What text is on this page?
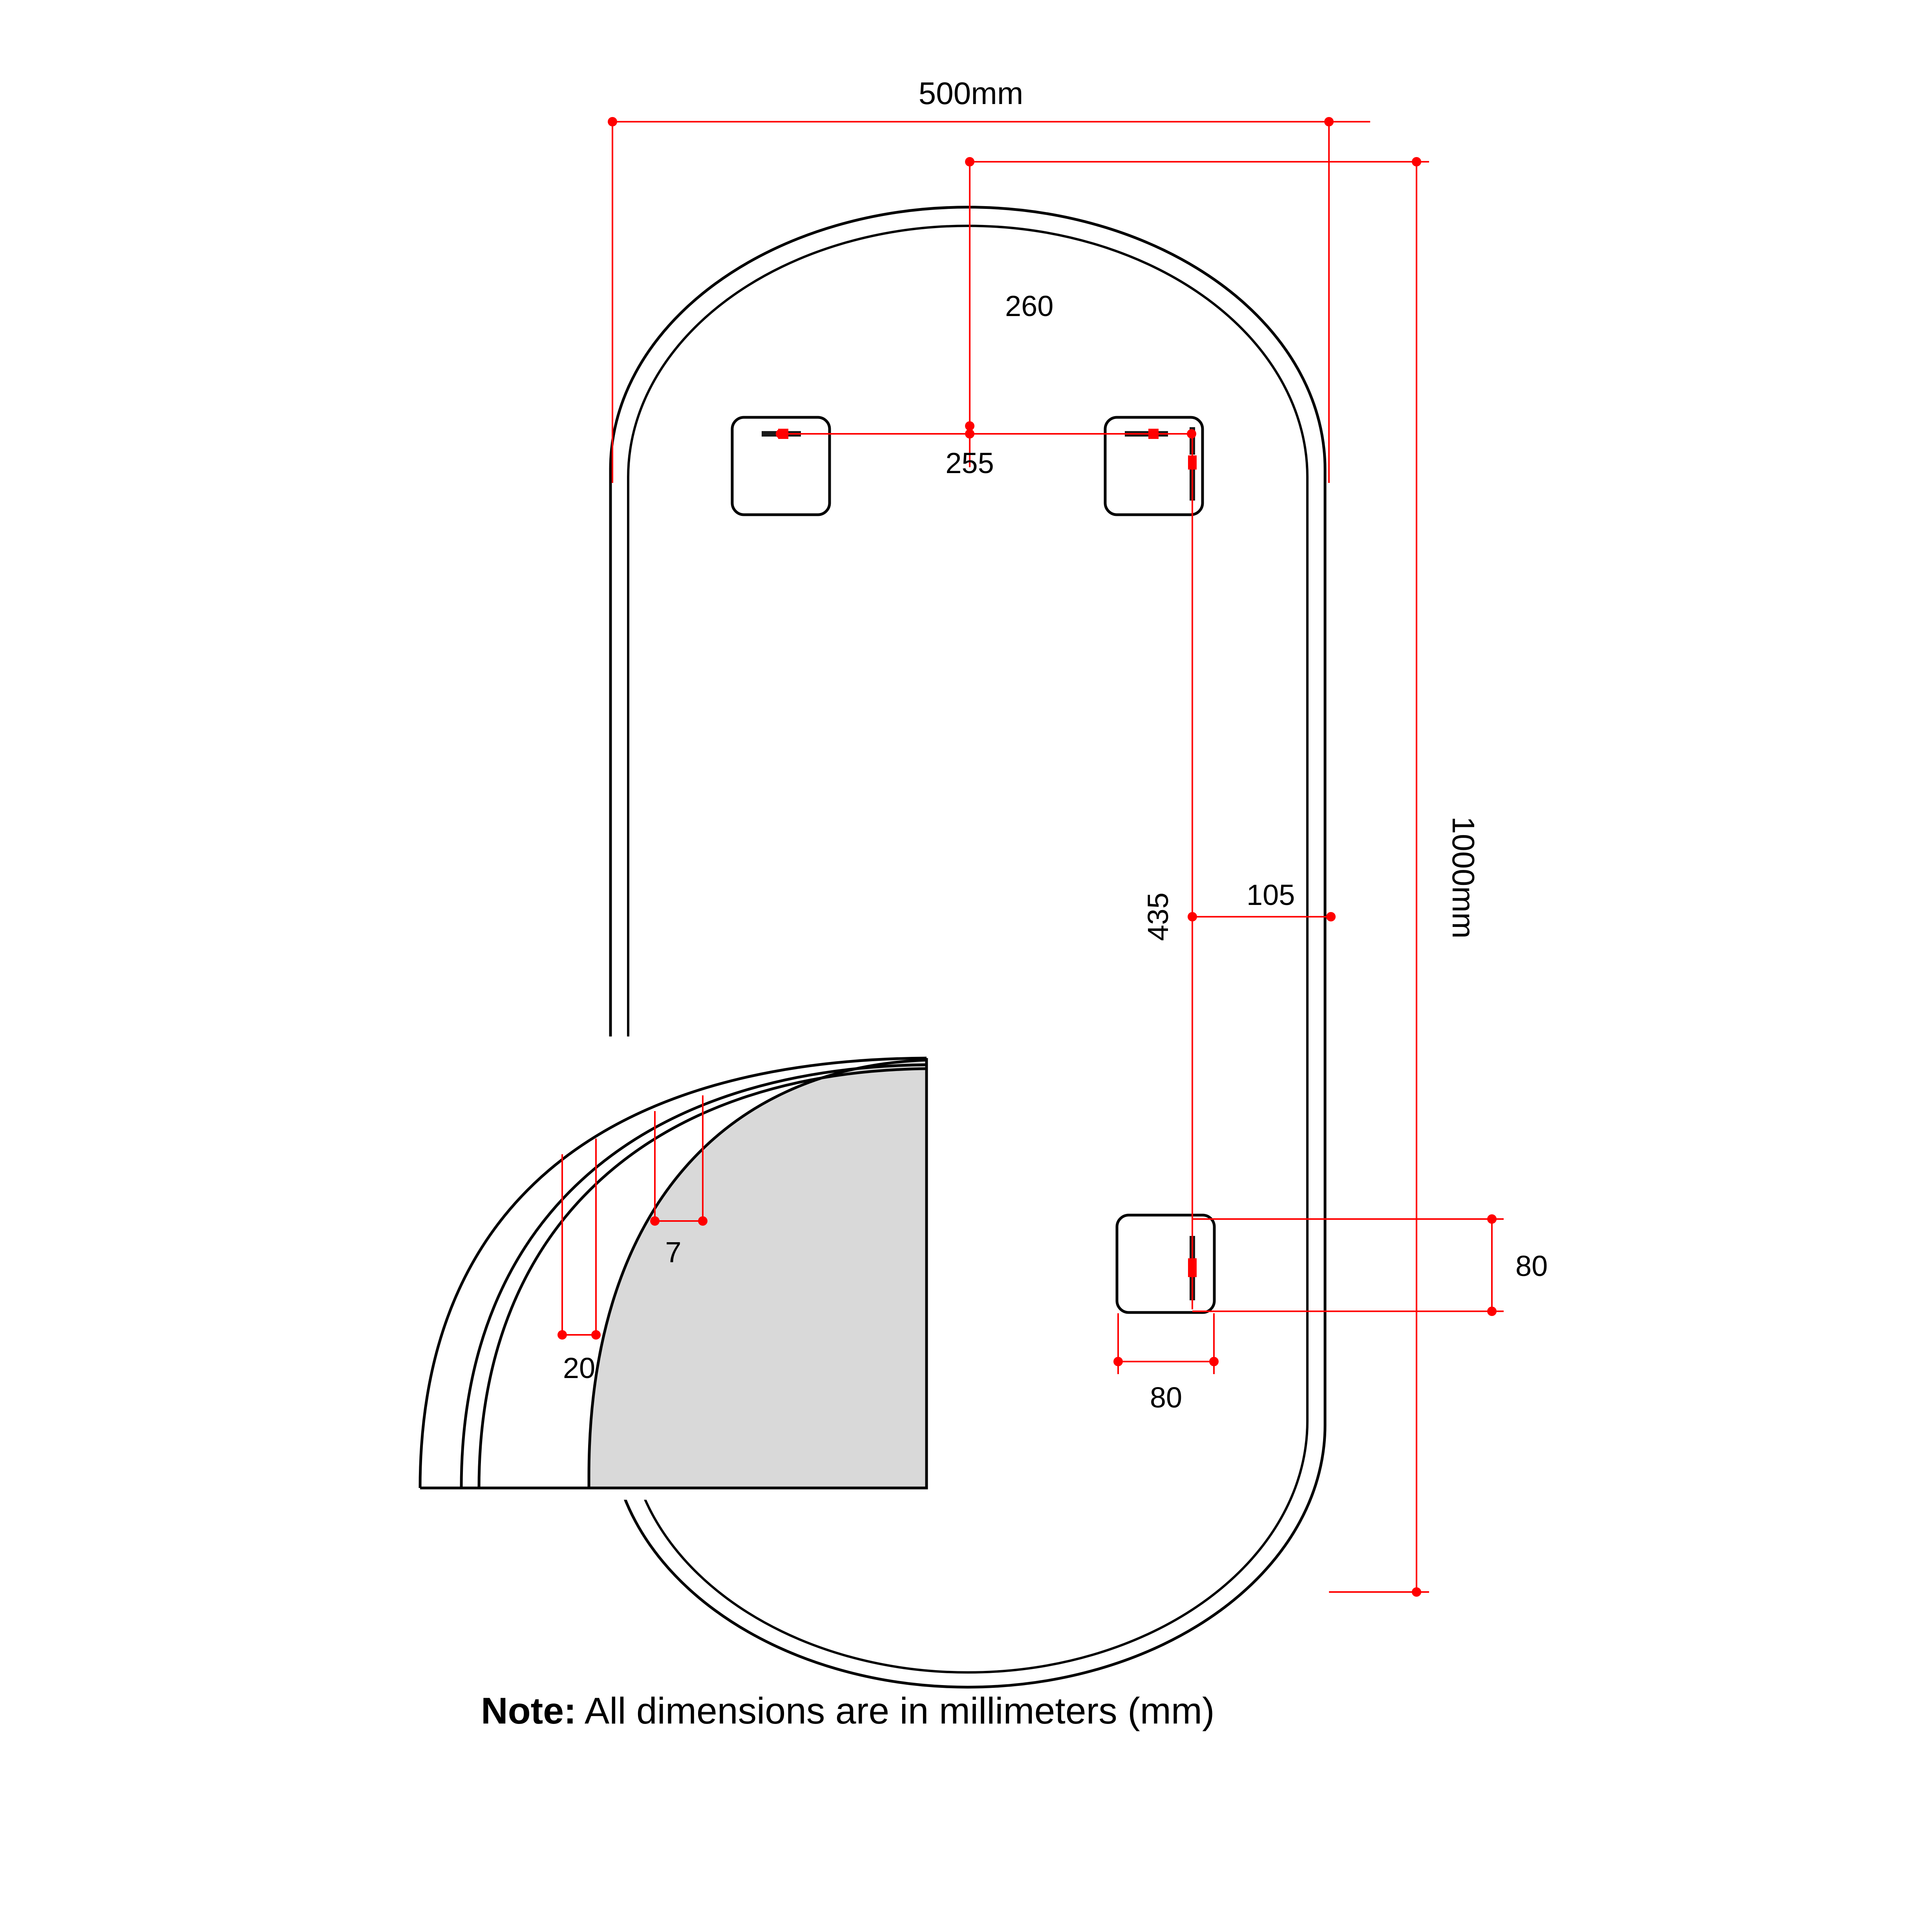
500mm
1000mm
260
255
435 105
80
80
20
7
Note: All dimensions are in millimeters (mm)
